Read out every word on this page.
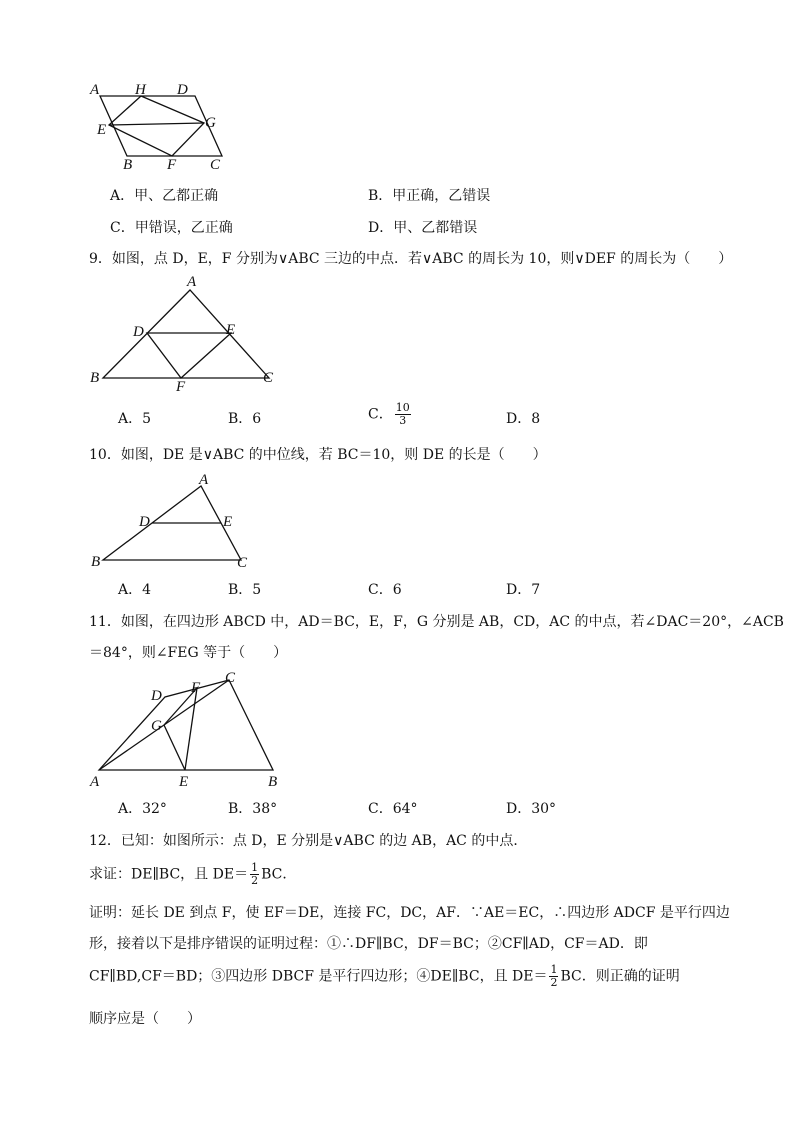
A H D
E	G
B F C
A．甲、乙都正确	B．甲正确，乙错误
C．甲错误，乙正确	D．甲、乙都错误
9．如图，点 D，E，F 分别为∨ABC 三边的中点．若∨ABC 的周长为 10，则∨DEF 的周长为（　　）
A
D	E
B
F
C
A．5	B．6	C． $\frac{10}{3}$	D．8
10．如图，DE 是∨ABC 的中位线，若 BC＝10，则 DE 的长是（　　）
A
D	E
B	C
A．4	B．5	C．6	D．7
11．如图，在四边形 ABCD 中，AD＝BC，E，F，G 分别是 AB，CD，AC 的中点，若∠DAC＝20°，∠ACB
＝84°，则∠FEG 等于（　　）
D F
C
G
A	E	B
A．32°	B．38°	C．64°	D．30°
12．已知：如图所示：点 D，E 分别是∨ABC 的边 AB，AC 的中点．
求证：DE∥BC，且 $DE= \frac{1}{2}$ BC．
证明：延长 DE 到点 F，使 EF＝DE，连接 FC，DC，AF．∵AE＝EC，∴四边形 ADCF 是平行四边
形，接着以下是排序错误的证明过程：①∴DF∥BC，DF＝BC；②CF∥AD，CF＝AD．即
CF∥BD,CF＝BD；③四边形 DBCF 是平行四边形；④DE∥BC，且 $DE= \frac{1}{2}$ BC．则正确的证明
顺序应是（　　）
